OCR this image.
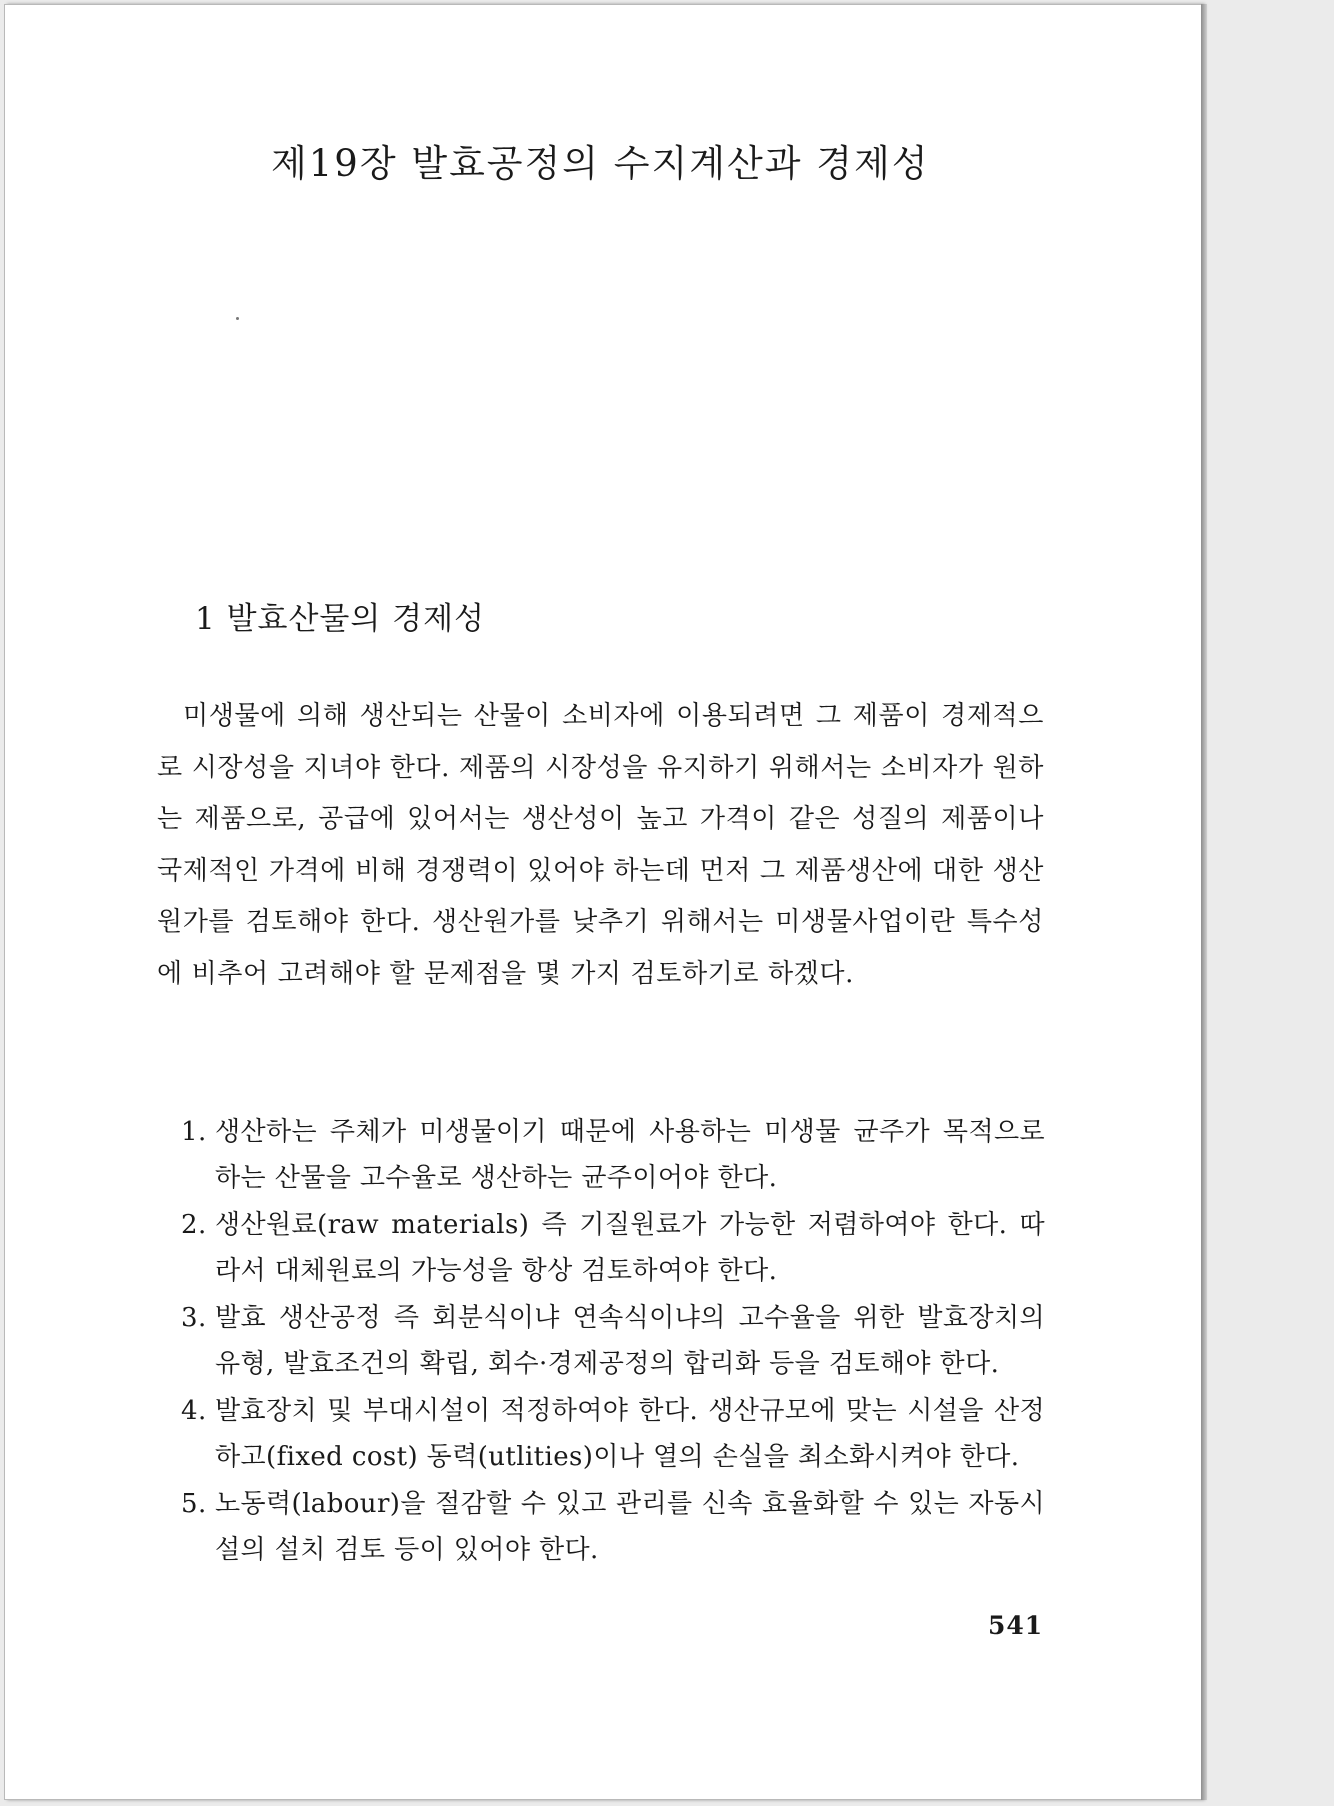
제19장 발효공정의 수지계산과 경제성
1 발효산물의 경제성

미생물에 의해 생산되는 산물이 소비자에 이용되려면 그 제품이 경제적으로 시장성을 지녀야 한다. 제품의 시장성을 유지하기 위해서는 소비자가 원하는 제품으로, 공급에 있어서는 생산성이 높고 가격이 같은 성질의 제품이나 국제적인 가격에 비해 경쟁력이 있어야 하는데 먼저 그 제품생산에 대한 생산원가를 검토해야 한다. 생산원가를 낮추기 위해서는 미생물사업이란 특수성에 비추어 고려해야 할 문제점을 몇 가지 검토하기로 하겠다.

1. 생산하는 주체가 미생물이기 때문에 사용하는 미생물 균주가 목적으로 하는 산물을 고수율로 생산하는 균주이어야 한다.
2. 생산원료(raw materials) 즉 기질원료가 가능한 저렴하여야 한다. 따라서 대체원료의 가능성을 항상 검토하여야 한다.
3. 발효 생산공정 즉 회분식이냐 연속식이냐의 고수율을 위한 발효장치의 유형, 발효조건의 확립, 회수·경제공정의 합리화 등을 검토해야 한다.
4. 발효장치 및 부대시설이 적정하여야 한다. 생산규모에 맞는 시설을 산정하고(fixed cost) 동력(utlities)이나 열의 손실을 최소화시켜야 한다.
5. 노동력(labour)을 절감할 수 있고 관리를 신속 효율화할 수 있는 자동시설의 설치 검토 등이 있어야 한다.
541
